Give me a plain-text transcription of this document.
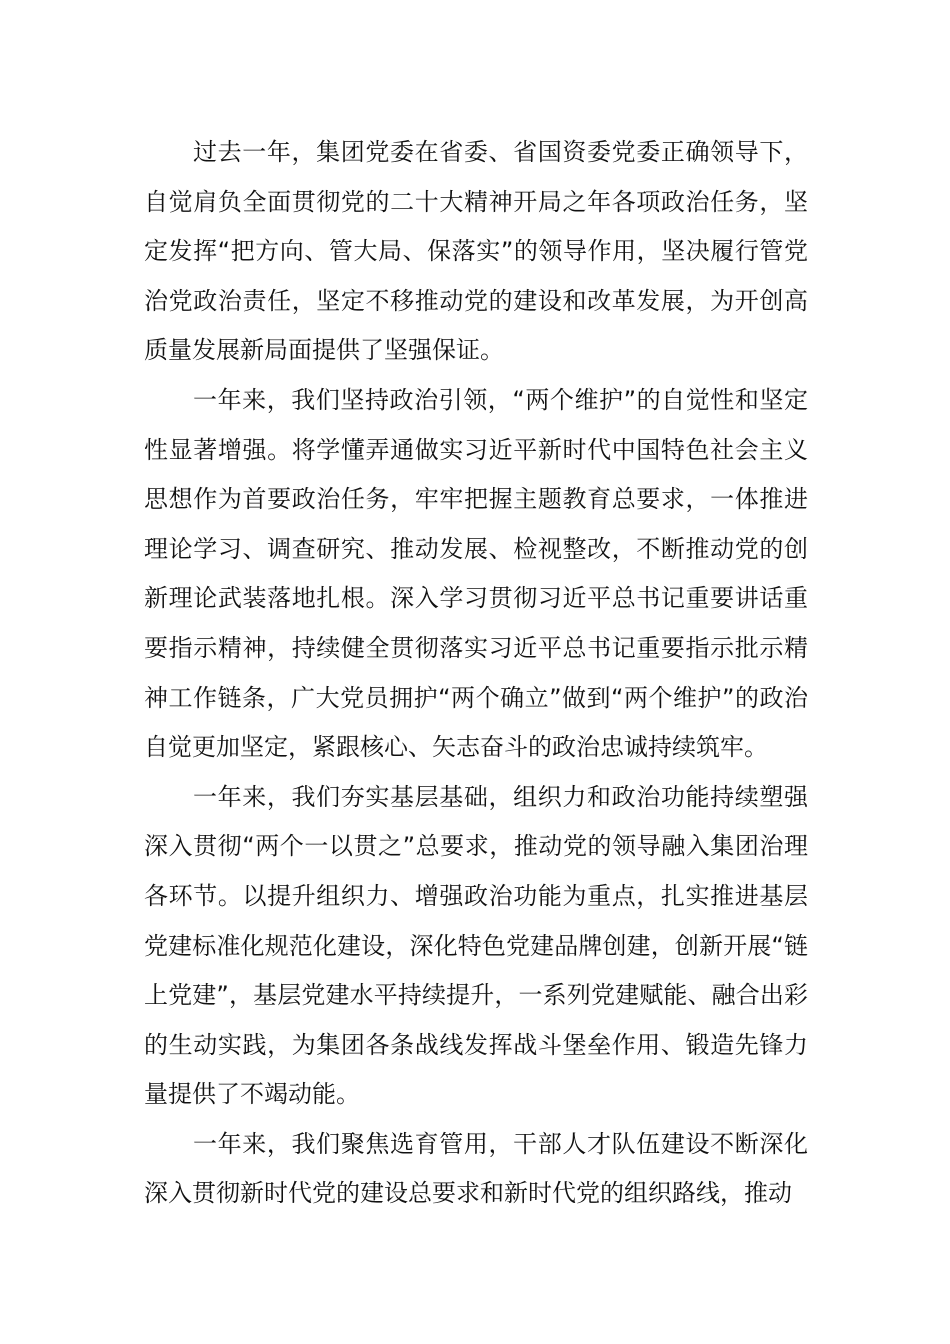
过去一年，集团党委在省委、省国资委党委正确领导下，自觉肩负全面贯彻党的二十大精神开局之年各项政治任务，坚定发挥“把方向、管大局、保落实”的领导作用，坚决履行管党治党政治责任，坚定不移推动党的建设和改革发展，为开创高质量发展新局面提供了坚强保证。

一年来，我们坚持政治引领，“两个维护”的自觉性和坚定性显著增强。将学懂弄通做实习近平新时代中国特色社会主义思想作为首要政治任务，牢牢把握主题教育总要求，一体推进理论学习、调查研究、推动发展、检视整改，不断推动党的创新理论武装落地扎根。深入学习贯彻习近平总书记重要讲话重要指示精神，持续健全贯彻落实习近平总书记重要指示批示精神工作链条，广大党员拥护“两个确立”做到“两个维护”的政治自觉更加坚定，紧跟核心、矢志奋斗的政治忠诚持续筑牢。

一年来，我们夯实基层基础，组织力和政治功能持续塑强深入贯彻“两个一以贯之”总要求，推动党的领导融入集团治理各环节。以提升组织力、增强政治功能为重点，扎实推进基层党建标准化规范化建设，深化特色党建品牌创建，创新开展“链上党建”，基层党建水平持续提升，一系列党建赋能、融合出彩的生动实践，为集团各条战线发挥战斗堡垒作用、锻造先锋力量提供了不竭动能。

一年来，我们聚焦选育管用，干部人才队伍建设不断深化深入贯彻新时代党的建设总要求和新时代党的组织路线，推动
